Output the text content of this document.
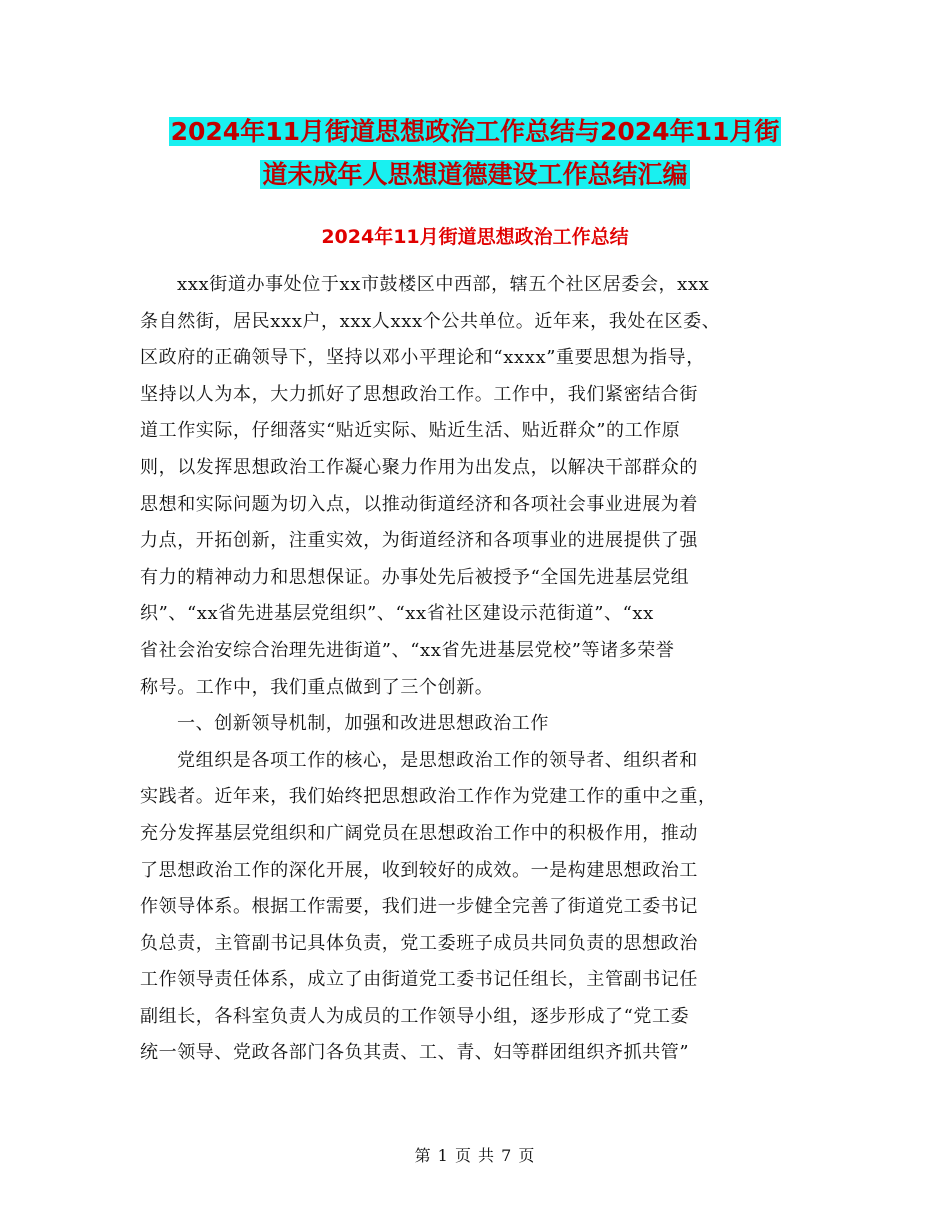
2024年11月街道思想政治工作总结与2024年11月街
道未成年人思想道德建设工作总结汇编
2024年11月街道思想政治工作总结
xxx街道办事处位于xx市鼓楼区中西部，辖五个社区居委会，xxx
条自然街，居民xxx户，xxx人xxx个公共单位。近年来，我处在区委、
区政府的正确领导下，坚持以邓小平理论和“xxxx”重要思想为指导，
坚持以人为本，大力抓好了思想政治工作。工作中，我们紧密结合街
道工作实际，仔细落实“贴近实际、贴近生活、贴近群众”的工作原
则，以发挥思想政治工作凝心聚力作用为出发点，以解决干部群众的
思想和实际问题为切入点，以推动街道经济和各项社会事业进展为着
力点，开拓创新，注重实效，为街道经济和各项事业的进展提供了强
有力的精神动力和思想保证。办事处先后被授予“全国先进基层党组
织”、“xx省先进基层党组织”、“xx省社区建设示范街道”、“xx
省社会治安综合治理先进街道”、“xx省先进基层党校”等诸多荣誉
称号。工作中，我们重点做到了三个创新。
一、创新领导机制，加强和改进思想政治工作
党组织是各项工作的核心，是思想政治工作的领导者、组织者和
实践者。近年来，我们始终把思想政治工作作为党建工作的重中之重，
充分发挥基层党组织和广阔党员在思想政治工作中的积极作用，推动
了思想政治工作的深化开展，收到较好的成效。一是构建思想政治工
作领导体系。根据工作需要，我们进一步健全完善了街道党工委书记
负总责，主管副书记具体负责，党工委班子成员共同负责的思想政治
工作领导责任体系，成立了由街道党工委书记任组长，主管副书记任
副组长，各科室负责人为成员的工作领导小组，逐步形成了“党工委
统一领导、党政各部门各负其责、工、青、妇等群团组织齐抓共管”
第 1 页 共 7 页
